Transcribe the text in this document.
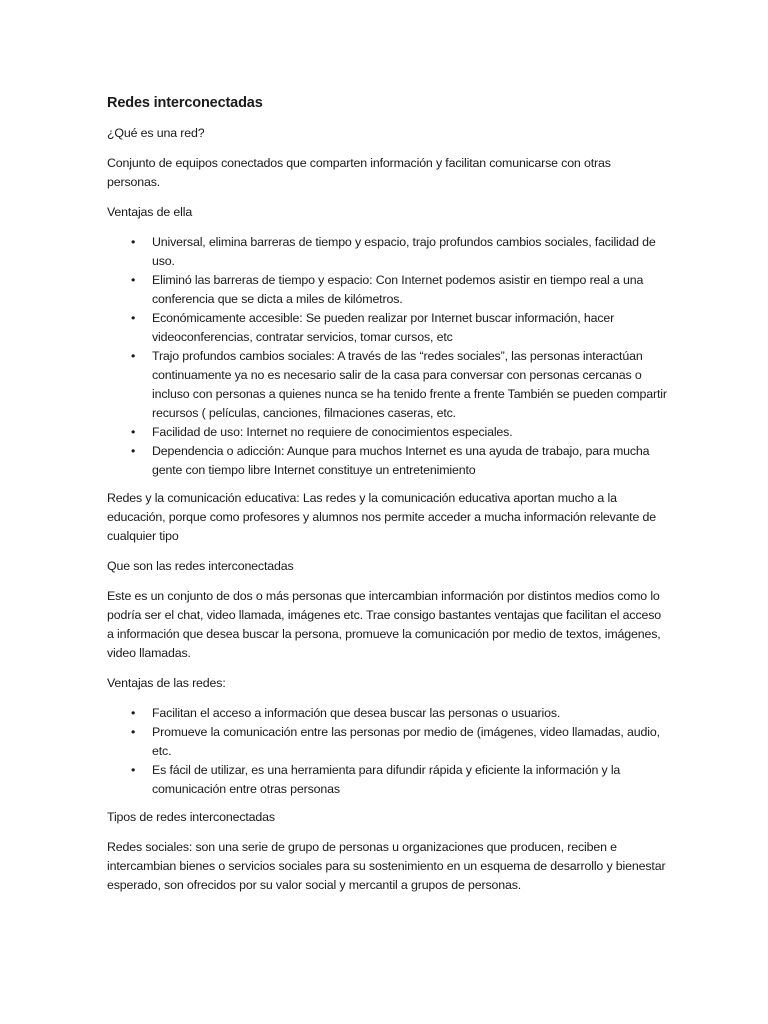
Redes interconectadas

¿Qué es una red?

Conjunto de equipos conectados que comparten información y facilitan comunicarse con otras personas.

Ventajas de ella

• Universal, elimina barreras de tiempo y espacio, trajo profundos cambios sociales, facilidad de uso.
• Eliminó las barreras de tiempo y espacio: Con Internet podemos asistir en tiempo real a una conferencia que se dicta a miles de kilómetros.
• Económicamente accesible: Se pueden realizar por Internet buscar información, hacer videoconferencias, contratar servicios, tomar cursos, etc
• Trajo profundos cambios sociales: A través de las “redes sociales”, las personas interactúan continuamente ya no es necesario salir de la casa para conversar con personas cercanas o incluso con personas a quienes nunca se ha tenido frente a frente También se pueden compartir recursos ( películas, canciones, filmaciones caseras, etc.
• Facilidad de uso: Internet no requiere de conocimientos especiales.
• Dependencia o adicción: Aunque para muchos Internet es una ayuda de trabajo, para mucha gente con tiempo libre Internet constituye un entretenimiento

Redes y la comunicación educativa: Las redes y la comunicación educativa aportan mucho a la educación, porque como profesores y alumnos nos permite acceder a mucha información relevante de cualquier tipo

Que son las redes interconectadas

Este es un conjunto de dos o más personas que intercambian información por distintos medios como lo podría ser el chat, video llamada, imágenes etc. Trae consigo bastantes ventajas que facilitan el acceso a información que desea buscar la persona, promueve la comunicación por medio de textos, imágenes, video llamadas.

Ventajas de las redes:

• Facilitan el acceso a información que desea buscar las personas o usuarios.
• Promueve la comunicación entre las personas por medio de (imágenes, video llamadas, audio, etc.
• Es fácil de utilizar, es una herramienta para difundir rápida y eficiente la información y la comunicación entre otras personas

Tipos de redes interconectadas

Redes sociales: son una serie de grupo de personas u organizaciones que producen, reciben e intercambian bienes o servicios sociales para su sostenimiento en un esquema de desarrollo y bienestar esperado, son ofrecidos por su valor social y mercantil a grupos de personas.
